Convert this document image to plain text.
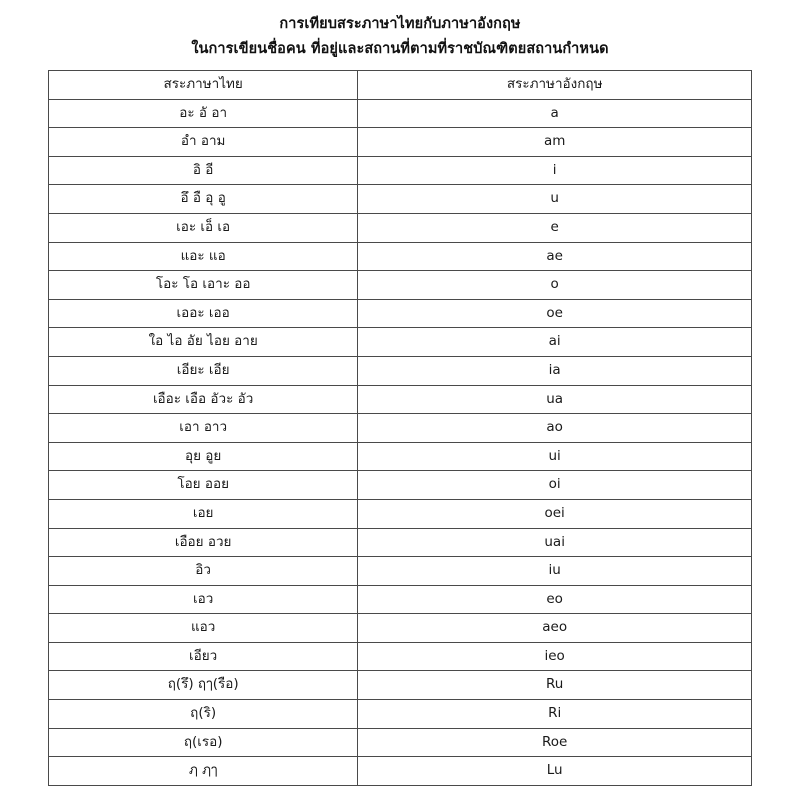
การเทียบสระภาษาไทยกับภาษาอังกฤษ
ในการเขียนชื่อคน ที่อยู่และสถานที่ตามที่ราชบัณฑิตยสถานกำหนด
สระภาษาไทย	สระภาษาอังกฤษ
อะ อั อา	a
อำ อาม	am
อิ อี	i
อึ อื อุ อู	u
เอะ เอ็ เอ	e
แอะ แอ	ae
โอะ โอ เอาะ ออ	o
เออะ เออ	oe
ใอ ไอ อัย ไอย อาย	ai
เอียะ เอีย	ia
เอือะ เอือ อัวะ อัว	ua
เอา อาว	ao
อุย อูย	ui
โอย ออย	oi
เอย	oei
เอือย อวย	uai
อิว	iu
เอว	eo
แอว	aeo
เอียว	ieo
ฤ(รึ) ฤๅ(รือ)	Ru
ฤ(ริ)	Ri
ฤ(เรอ)	Roe
ฦ ฦๅ	Lu
